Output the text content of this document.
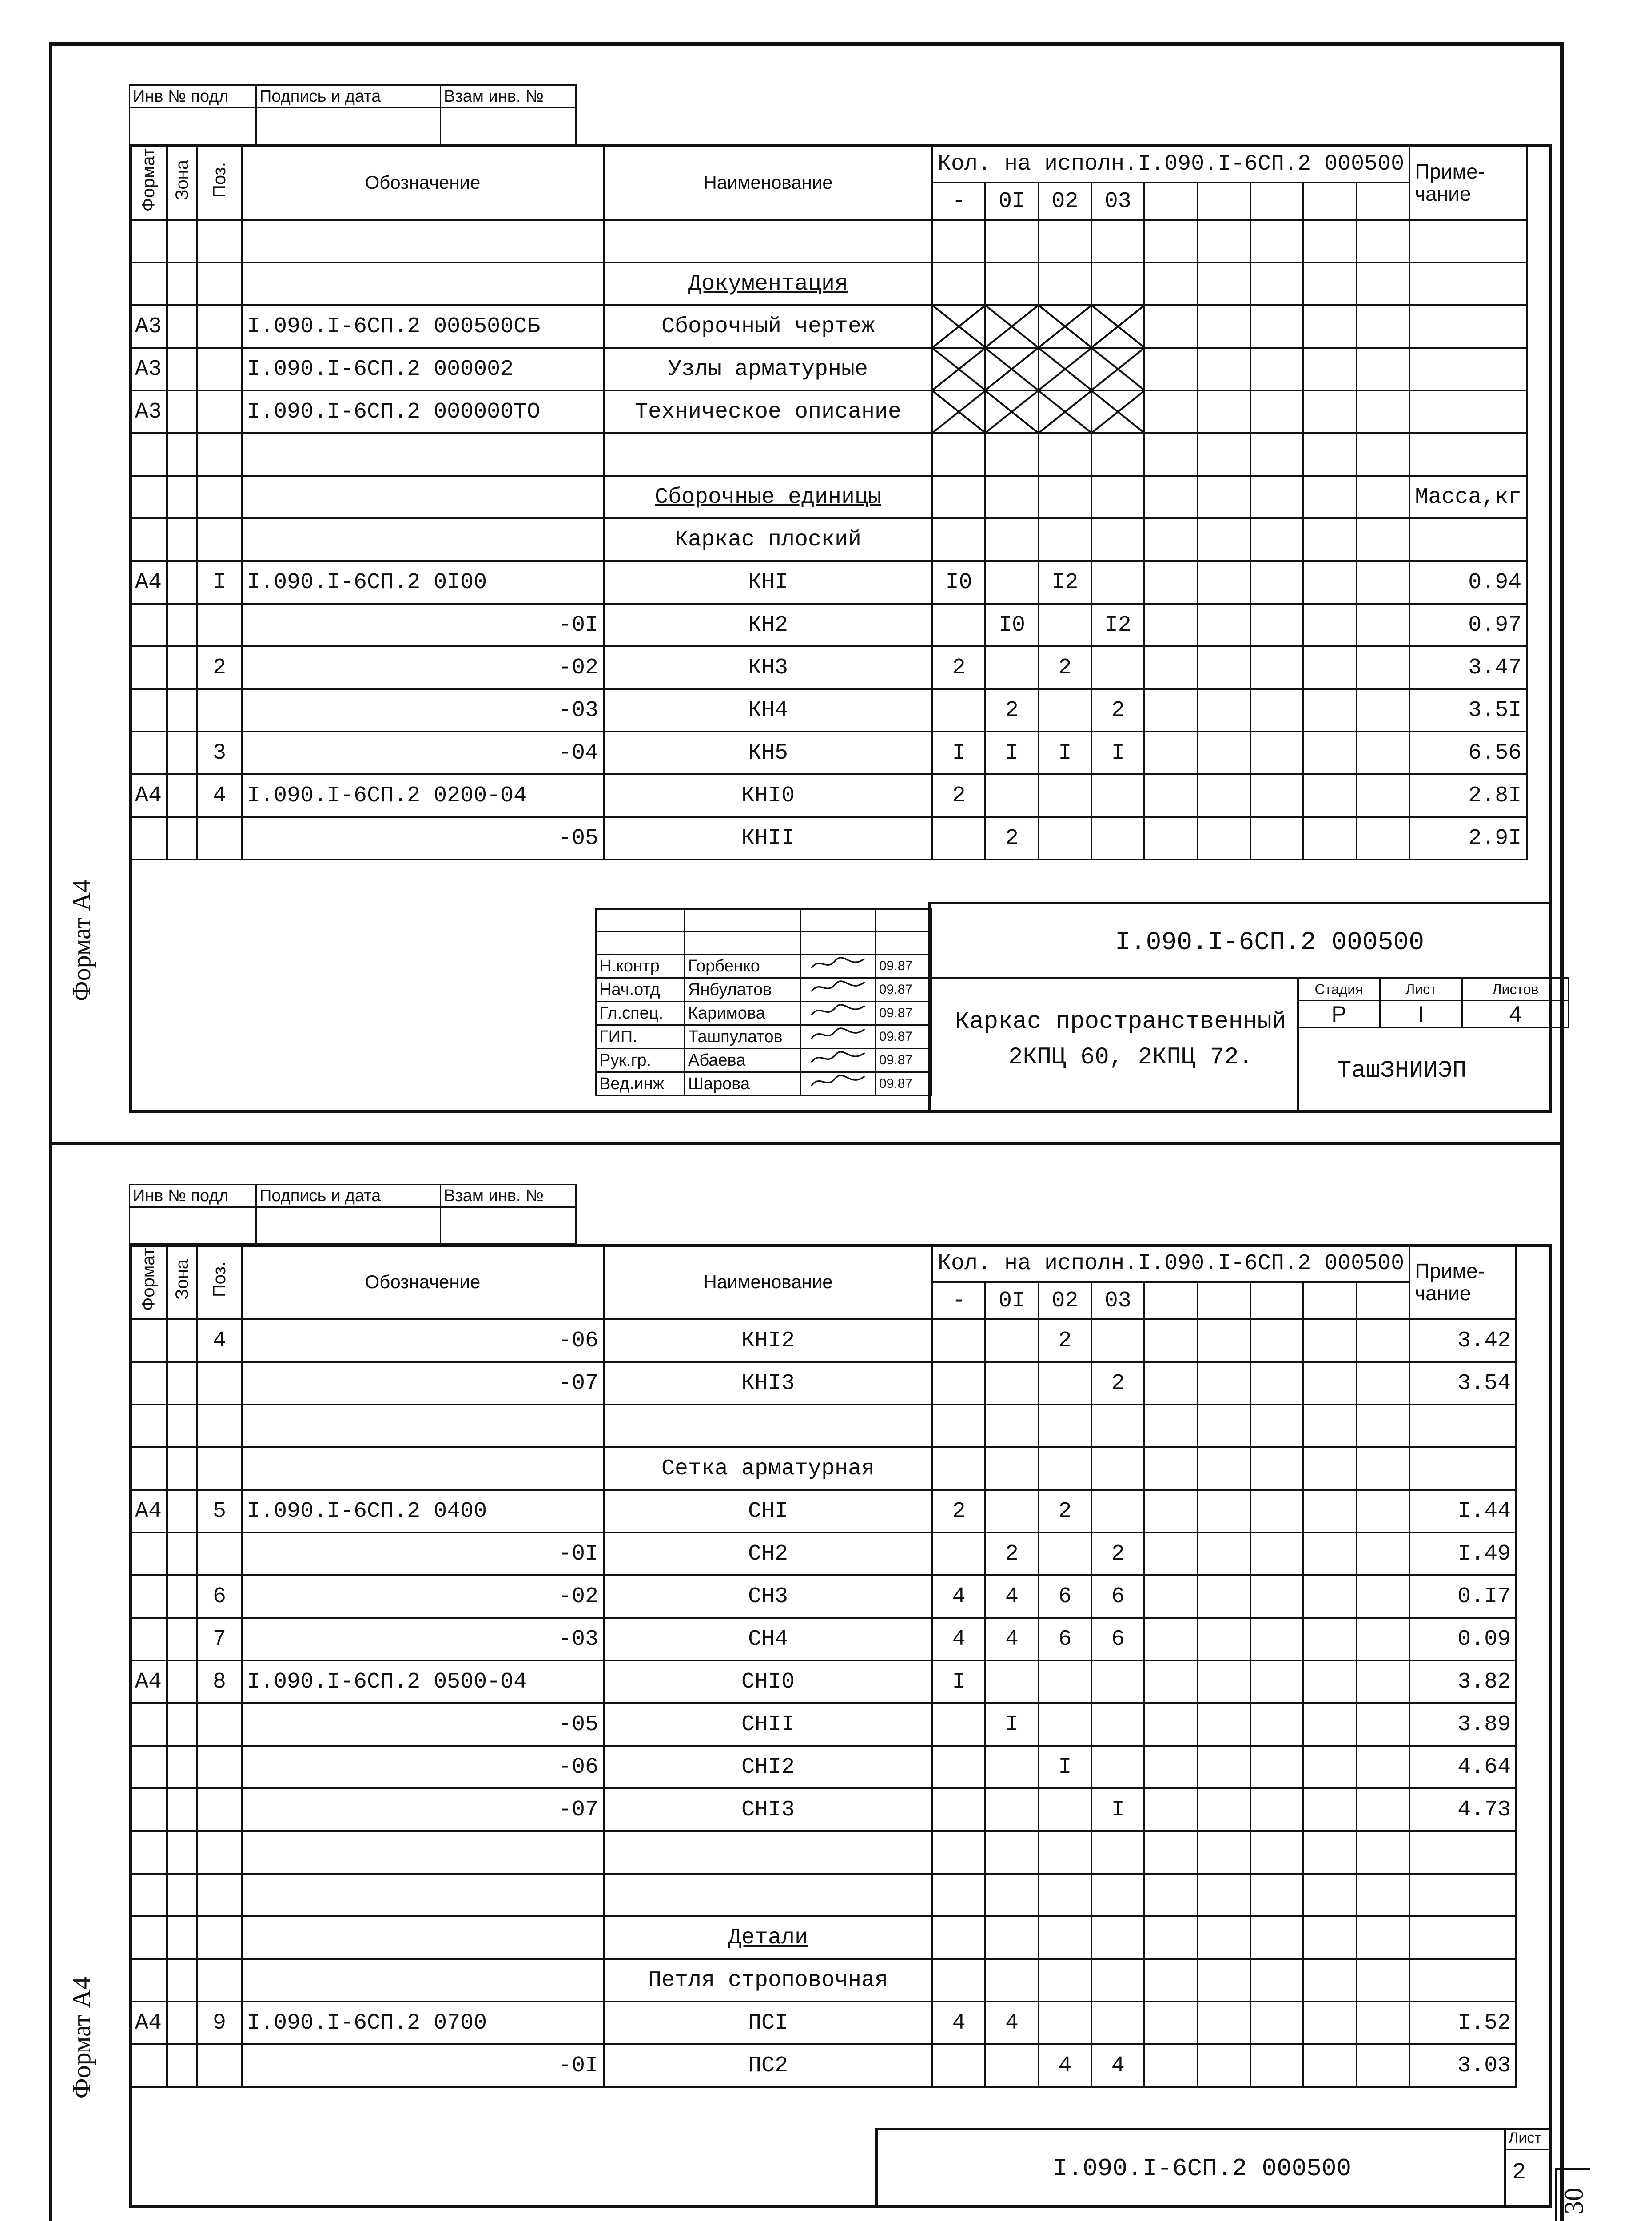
Инв № подл	Подпись и дата	Взам инв. №

Формат	Зона	Поз.	Обозначение	Наименование	Кол. на исполн.I.090.I-6СП.2 000500									Приме-чание
					-	0I	02	03						

				Документация										
А3			I.090.I-6СП.2 000500СБ	Сборочный чертеж	

А3			I.090.I-6СП.2 000002	Узлы арматурные	

А3			I.090.I-6СП.2 000000ТО	Техническое описание	

				Сборочные единицы										Масса,кг
				Каркас плоский										
А4		I	I.090.I-6СП.2 0I00	КНI	I0		I2							0.94
			-0I	КН2		I0		I2						0.97
		2	-02	КН3	2		2							3.47
			-03	КН4		2		2						3.5I
		3	-04	КН5	I	I	I	I						6.56
А4		4	I.090.I-6СП.2 0200-04	КНI0	2									2.8I
			-05	КНII		2								2.9I

Н.контр	Горбенко		09.87
Нач.отд	Янбулатов		09.87
Гл.спец.	Каримова		09.87
ГИП.	Ташпулатов		09.87
Рук.гр.	Абаева		09.87
Вед.инж	Шарова		09.87
I.090.I-6СП.2 000500
Каркас пространственный
2КПЦ 60, 2КПЦ 72.
Стадия	Лист	Листов
Р	I	4
ТашЗНИИЭП
Формат А4
Инв № подл	Подпись и дата	Взам инв. №

Формат	Зона	Поз.	Обозначение	Наименование	Кол. на исполн.I.090.I-6СП.2 000500									Приме-чание
					-	0I	02	03						
		4	-06	КНI2			2							3.42
			-07	КНI3				2						3.54

				Сетка арматурная										
А4		5	I.090.I-6СП.2 0400	СНI	2		2							I.44
			-0I	СН2		2		2						I.49
		6	-02	СН3	4	4	6	6						0.I7
		7	-03	СН4	4	4	6	6						0.09
А4		8	I.090.I-6СП.2 0500-04	СНI0	I									3.82
			-05	СНII		I								3.89
			-06	СНI2			I							4.64
			-07	СНI3				I						4.73

				Детали										
				Петля строповочная										
А4		9	I.090.I-6СП.2 0700	ПСI	4	4								I.52
			-0I	ПС2			4	4						3.03
I.090.I-6СП.2 000500
Лист
2
Формат А4
30
